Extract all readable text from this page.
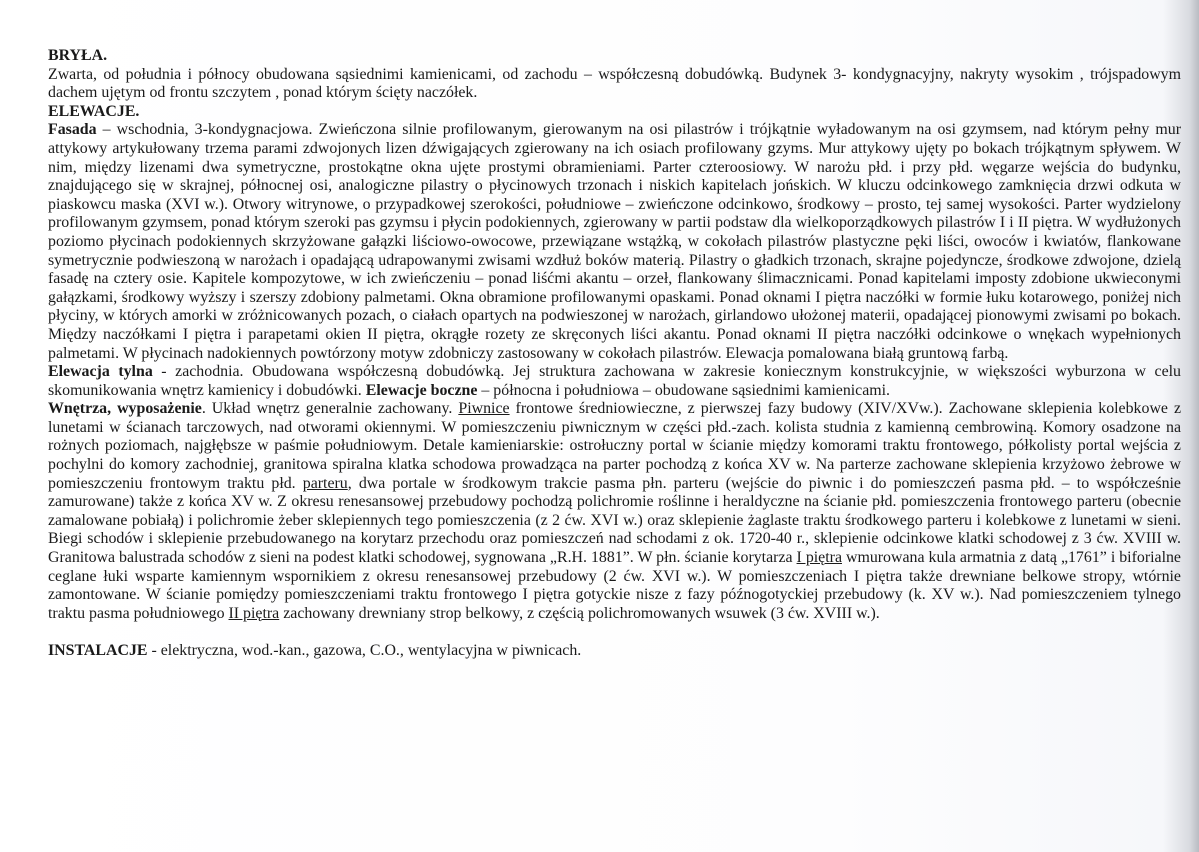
BRYŁA.

Zwarta, od południa i północy obudowana sąsiednimi kamienicami, od zachodu – współczesną dobudówką. Budynek 3- kondygnacyjny, nakryty wysokim , trójspadowym dachem ujętym od frontu szczytem , ponad którym ścięty naczółek.

ELEWACJE.

Fasada – wschodnia, 3-kondygnacjowa. Zwieńczona silnie profilowanym, gierowanym na osi pilastrów i trójkątnie wyładowanym na osi gzymsem, nad którym pełny mur attykowy artykułowany trzema parami zdwojonych lizen dźwigających zgierowany na ich osiach profilowany gzyms. Mur attykowy ujęty po bokach trójkątnym spływem. W nim, między lizenami dwa symetryczne, prostokątne okna ujęte prostymi obramieniami. Parter czteroosiowy. W narożu płd. i przy płd. węgarze wejścia do budynku, znajdującego się w skrajnej, północnej osi, analogiczne pilastry o płycinowych trzonach i niskich kapitelach jońskich. W kluczu odcinkowego zamknięcia drzwi odkuta w piaskowcu maska (XVI w.). Otwory witrynowe, o przypadkowej szerokości, południowe – zwieńczone odcinkowo, środkowy – prosto, tej samej wysokości. Parter wydzielony profilowanym gzymsem, ponad którym szeroki pas gzymsu i płycin podokiennych, zgierowany w partii podstaw dla wielkoporządkowych pilastrów I i II piętra. W wydłużonych poziomo płycinach podokiennych skrzyżowane gałązki liściowo-owocowe, przewiązane wstążką, w cokołach pilastrów plastyczne pęki liści, owoców i kwiatów, flankowane symetrycznie podwieszoną w narożach i opadającą udrapowanymi zwisami wzdłuż boków materią. Pilastry o gładkich trzonach, skrajne pojedyncze, środkowe zdwojone, dzielą fasadę na cztery osie. Kapitele kompozytowe, w ich zwieńczeniu – ponad liśćmi akantu – orzeł, flankowany ślimacznicami. Ponad kapitelami imposty zdobione ukwieconymi gałązkami, środkowy wyższy i szerszy zdobiony palmetami. Okna obramione profilowanymi opaskami. Ponad oknami I piętra naczółki w formie łuku kotarowego, poniżej nich płyciny, w których amorki w zróżnicowanych pozach, o ciałach opartych na podwieszonej w narożach, girlandowo ułożonej materii, opadającej pionowymi zwisami po bokach. Między naczółkami I piętra i parapetami okien II piętra, okrągłe rozety ze skręconych liści akantu. Ponad oknami II piętra naczółki odcinkowe o wnękach wypełnionych palmetami. W płycinach nadokiennych powtórzony motyw zdobniczy zastosowany w cokołach pilastrów. Elewacja pomalowana białą gruntową farbą.

Elewacja tylna - zachodnia. Obudowana współczesną dobudówką. Jej struktura zachowana w zakresie koniecznym konstrukcyjnie, w większości wyburzona w celu skomunikowania wnętrz kamienicy i dobudówki. Elewacje boczne – północna i południowa – obudowane sąsiednimi kamienicami.

Wnętrza, wyposażenie. Układ wnętrz generalnie zachowany. Piwnice frontowe średniowieczne, z pierwszej fazy budowy (XIV/XVw.). Zachowane sklepienia kolebkowe z lunetami w ścianach tarczowych, nad otworami okiennymi. W pomieszczeniu piwnicznym w części płd.-zach. kolista studnia z kamienną cembrowiną. Komory osadzone na rożnych poziomach, najgłębsze w paśmie południowym. Detale kamieniarskie: ostrołuczny portal w ścianie między komorami traktu frontowego, półkolisty portal wejścia z pochylni do komory zachodniej, granitowa spiralna klatka schodowa prowadząca na parter pochodzą z końca XV w. Na parterze zachowane sklepienia krzyżowo żebrowe w pomieszczeniu frontowym traktu płd. parteru, dwa portale w środkowym trakcie pasma płn. parteru (wejście do piwnic i do pomieszczeń pasma płd. – to współcześnie zamurowane) także z końca XV w. Z okresu renesansowej przebudowy pochodzą polichromie roślinne i heraldyczne na ścianie płd. pomieszczenia frontowego parteru (obecnie zamalowane pobiałą) i polichromie żeber sklepiennych tego pomieszczenia (z 2 ćw. XVI w.) oraz sklepienie żaglaste traktu środkowego parteru i kolebkowe z lunetami w sieni. Biegi schodów i sklepienie przebudowanego na korytarz przechodu oraz pomieszczeń nad schodami z ok. 1720-40 r., sklepienie odcinkowe klatki schodowej z 3 ćw. XVIII w. Granitowa balustrada schodów z sieni na podest klatki schodowej, sygnowana „R.H. 1881”. W płn. ścianie korytarza I piętra wmurowana kula armatnia z datą „1761” i biforialne ceglane łuki wsparte kamiennym wspornikiem z okresu renesansowej przebudowy (2 ćw. XVI w.). W pomieszczeniach I piętra także drewniane belkowe stropy, wtórnie zamontowane. W ścianie pomiędzy pomieszczeniami traktu frontowego I piętra gotyckie nisze z fazy późnogotyckiej przebudowy (k. XV w.). Nad pomieszczeniem tylnego traktu pasma południowego II piętra zachowany drewniany strop belkowy, z częścią polichromowanych wsuwek (3 ćw. XVIII w.).

INSTALACJE - elektryczna, wod.-kan., gazowa, C.O., wentylacyjna w piwnicach.
